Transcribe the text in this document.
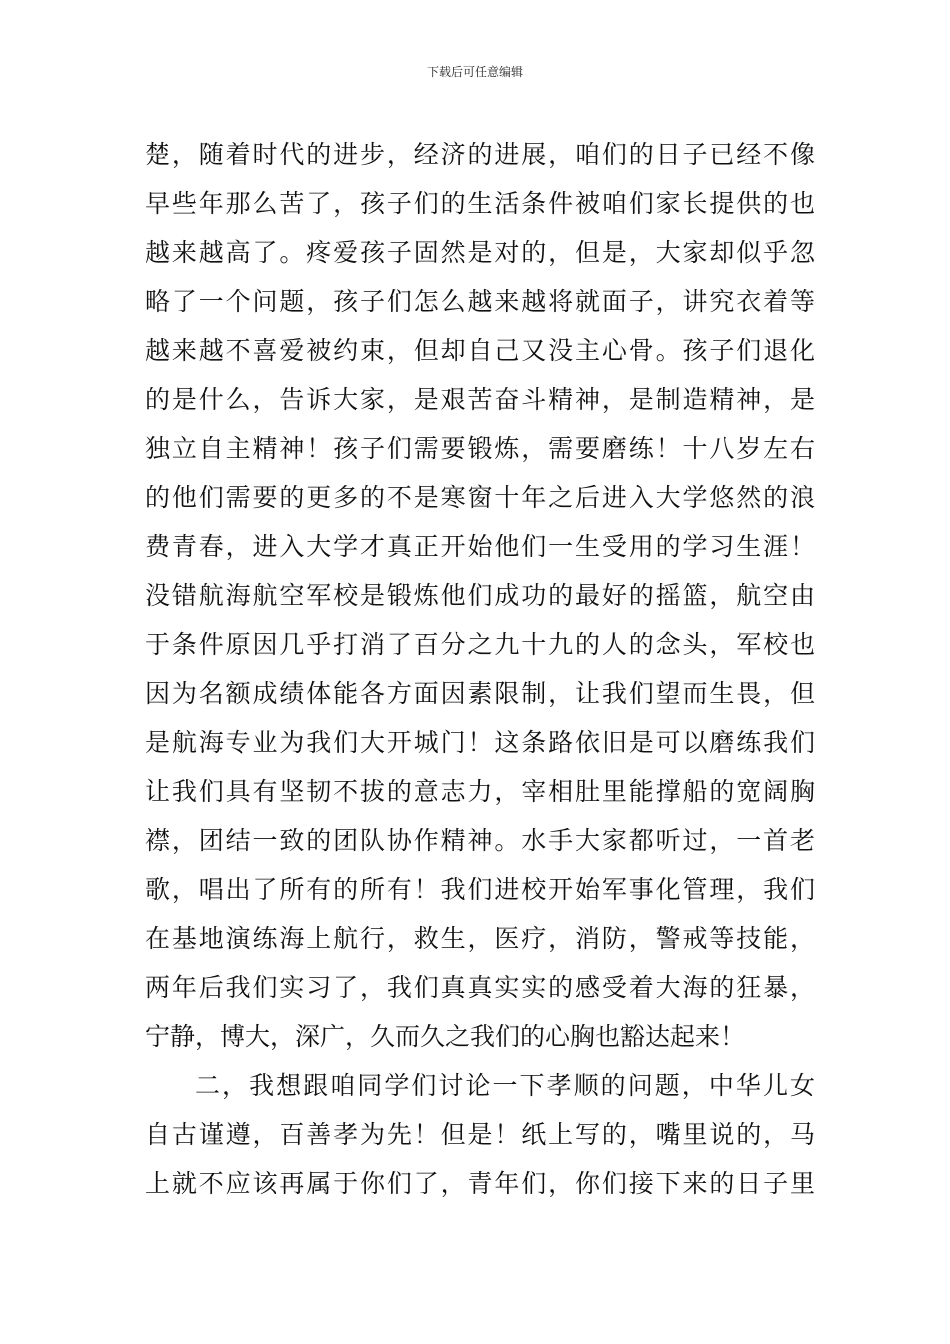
下载后可任意编辑
楚，随着时代的进步，经济的进展，咱们的日子已经不像
早些年那么苦了，孩子们的生活条件被咱们家长提供的也
越来越高了。疼爱孩子固然是对的，但是，大家却似乎忽
略了一个问题，孩子们怎么越来越将就面子，讲究衣着等
越来越不喜爱被约束，但却自己又没主心骨。孩子们退化
的是什么，告诉大家，是艰苦奋斗精神，是制造精神，是
独立自主精神！孩子们需要锻炼，需要磨练！十八岁左右
的他们需要的更多的不是寒窗十年之后进入大学悠然的浪
费青春，进入大学才真正开始他们一生受用的学习生涯！
没错航海航空军校是锻炼他们成功的最好的摇篮，航空由
于条件原因几乎打消了百分之九十九的人的念头，军校也
因为名额成绩体能各方面因素限制，让我们望而生畏，但
是航海专业为我们大开城门！这条路依旧是可以磨练我们
让我们具有坚韧不拔的意志力，宰相肚里能撑船的宽阔胸
襟，团结一致的团队协作精神。水手大家都听过，一首老
歌，唱出了所有的所有！我们进校开始军事化管理，我们
在基地演练海上航行，救生，医疗，消防，警戒等技能，
两年后我们实习了，我们真真实实的感受着大海的狂暴，
宁静，博大，深广，久而久之我们的心胸也豁达起来！
二，我想跟咱同学们讨论一下孝顺的问题，中华儿女
自古谨遵，百善孝为先！但是！纸上写的，嘴里说的，马
上就不应该再属于你们了，青年们，你们接下来的日子里
